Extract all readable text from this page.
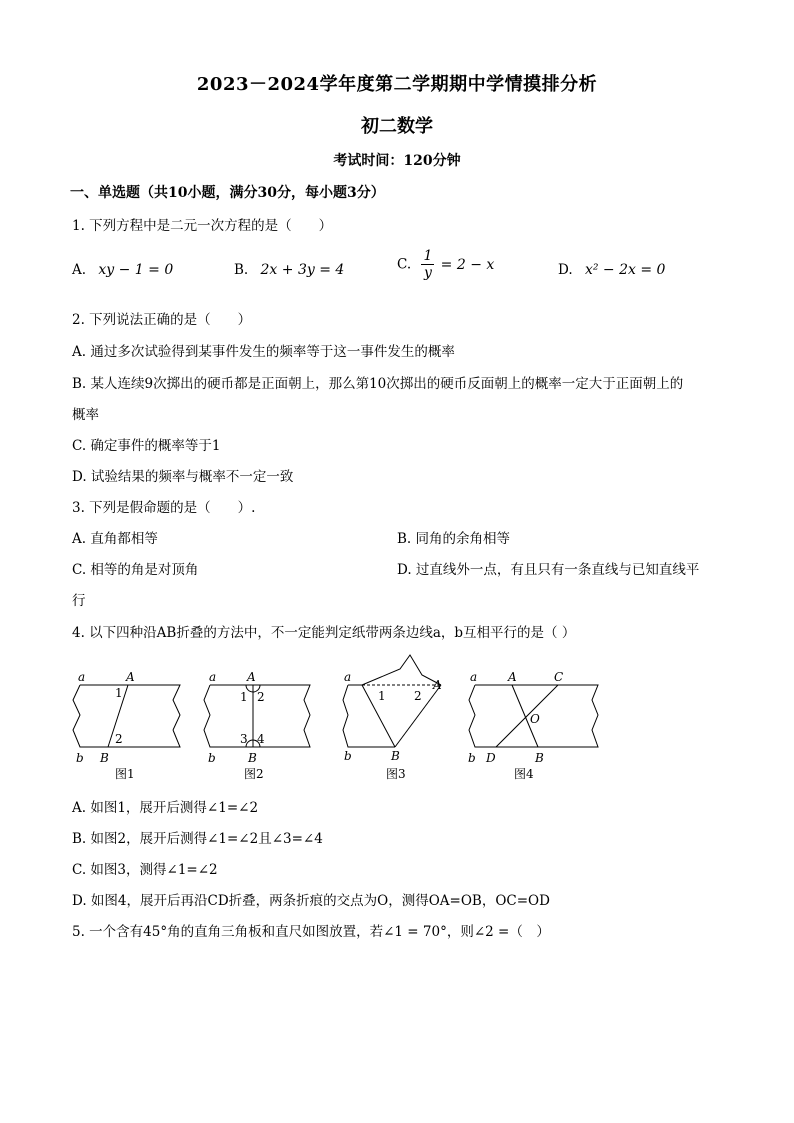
2023－2024学年度第二学期期中学情摸排分析
初二数学
考试时间：120分钟
一、单选题（共10小题，满分30分，每小题3分）
1. 下列方程中是二元一次方程的是（　　）
A. xy − 1 = 0	B. 2x + 3y = 4	C. $\frac{1}{y} = 2 - x$	D. x² − 2x = 0
2. 下列说法正确的是（　　）
A. 通过多次试验得到某事件发生的频率等于这一事件发生的概率
B. 某人连续9次掷出的硬币都是正面朝上，那么第10次掷出的硬币反面朝上的概率一定大于正面朝上的
概率
C. 确定事件的概率等于1
D. 试验结果的频率与概率不一定一致
3. 下列是假命题的是（　　）.
A. 直角都相等	B. 同角的余角相等
C. 相等的角是对顶角	D. 过直线外一点，有且只有一条直线与已知直线平
行
4. 以下四种沿AB折叠的方法中，不一定能判定纸带两条边线a，b互相平行的是（ ）
a	A
1
2
b B
a	A
1 2
3 4
b	B
a
A
1 2
b	B
a	A	C
O
b D	B
图1	图2	图3	图4
A. 如图1，展开后测得∠1=∠2
B. 如图2，展开后测得∠1=∠2且∠3=∠4
C. 如图3，测得∠1=∠2
D. 如图4，展开后再沿CD折叠，两条折痕的交点为O，测得OA=OB，OC=OD
5. 一个含有45°角的直角三角板和直尺如图放置，若∠1 = 70°，则∠2 =（　）
